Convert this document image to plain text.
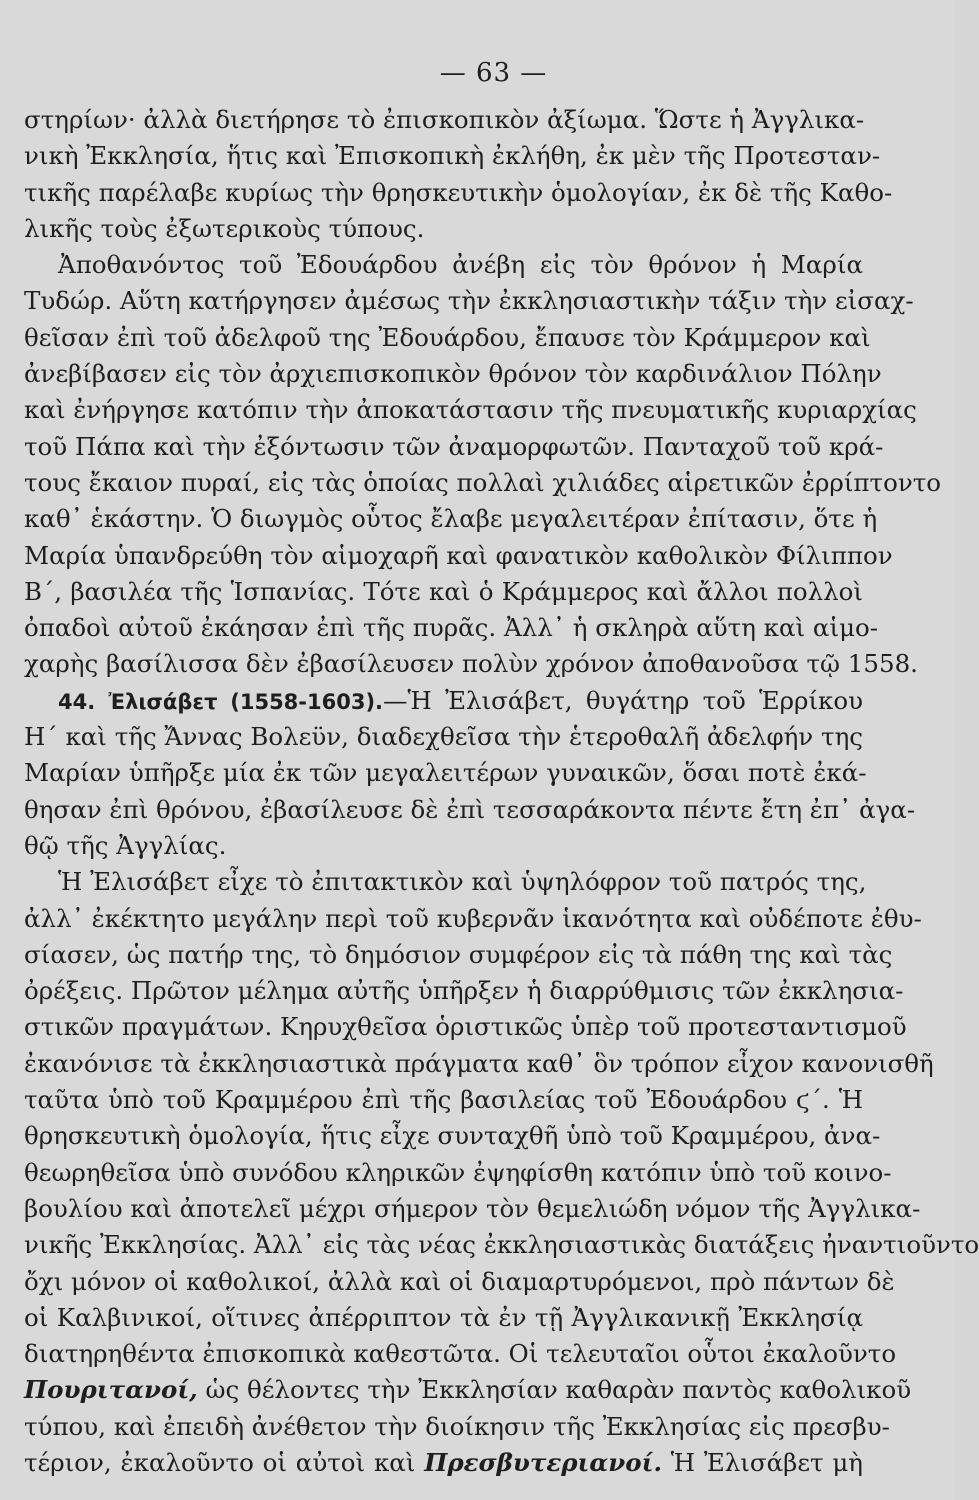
— 63 —
στηρίων· ἀλλὰ διετήρησε τὸ ἐπισκοπικὸν ἀξίωμα. Ὥστε ἡ Ἀγγλικα-
νικὴ Ἐκκλησία, ἥτις καὶ Ἐπισκοπικὴ ἐκλήθη, ἐκ μὲν τῆς Προτεσταν-
τικῆς παρέλαβε κυρίως τὴν θρησκευτικὴν ὁμολογίαν, ἐκ δὲ τῆς Καθο-
λικῆς τοὺς ἐξωτερικοὺς τύπους.
Ἀποθανόντος τοῦ Ἐδουάρδου ἀνέβη εἰς τὸν θρόνον ἡ Μαρία
Τυδώρ. Αὕτη κατήργησεν ἀμέσως τὴν ἐκκλησιαστικὴν τάξιν τὴν εἰσαχ-
θεῖσαν ἐπὶ τοῦ ἀδελφοῦ της Ἐδουάρδου, ἔπαυσε τὸν Κράμμερον καὶ
ἀνεβίβασεν εἰς τὸν ἀρχιεπισκοπικὸν θρόνον τὸν καρδινάλιον Πόλην
καὶ ἐνήργησε κατόπιν τὴν ἀποκατάστασιν τῆς πνευματικῆς κυριαρχίας
τοῦ Πάπα καὶ τὴν ἐξόντωσιν τῶν ἀναμορφωτῶν. Πανταχοῦ τοῦ κρά-
τους ἔκαιον πυραί, εἰς τὰς ὁποίας πολλαὶ χιλιάδες αἱρετικῶν ἐρρίπτοντο
καθ᾽ ἑκάστην. Ὁ διωγμὸς οὗτος ἔλαβε μεγαλειτέραν ἐπίτασιν, ὅτε ἡ
Μαρία ὑπανδρεύθη τὸν αἱμοχαρῆ καὶ φανατικὸν καθολικὸν Φίλιππον
Β΄, βασιλέα τῆς Ἱσπανίας. Τότε καὶ ὁ Κράμμερος καὶ ἄλλοι πολλοὶ
ὀπαδοὶ αὐτοῦ ἐκάησαν ἐπὶ τῆς πυρᾶς. Ἀλλ᾽ ἡ σκληρὰ αὕτη καὶ αἱμο-
χαρὴς βασίλισσα δὲν ἐβασίλευσεν πολὺν χρόνον ἀποθανοῦσα τῷ 1558.
44. Ἐλισάβετ (1558-1603).—Ἡ Ἐλισάβετ, θυγάτηρ τοῦ Ἑρρίκου
Η΄ καὶ τῆς Ἄννας Βολεϋν, διαδεχθεῖσα τὴν ἑτεροθαλῆ ἀδελφήν της
Μαρίαν ὑπῆρξε μία ἐκ τῶν μεγαλειτέρων γυναικῶν, ὅσαι ποτὲ ἐκά-
θησαν ἐπὶ θρόνου, ἐβασίλευσε δὲ ἐπὶ τεσσαράκοντα πέντε ἔτη ἐπ᾽ ἀγα-
θῷ τῆς Ἀγγλίας.
Ἡ Ἐλισάβετ εἶχε τὸ ἐπιτακτικὸν καὶ ὑψηλόφρον τοῦ πατρός της,
ἀλλ᾽ ἐκέκτητο μεγάλην περὶ τοῦ κυβερνᾶν ἱκανότητα καὶ οὐδέποτε ἐθυ-
σίασεν, ὡς πατήρ της, τὸ δημόσιον συμφέρον εἰς τὰ πάθη της καὶ τὰς
ὀρέξεις. Πρῶτον μέλημα αὐτῆς ὑπῆρξεν ἡ διαρρύθμισις τῶν ἐκκλησια-
στικῶν πραγμάτων. Κηρυχθεῖσα ὁριστικῶς ὑπὲρ τοῦ προτεσταντισμοῦ
ἐκανόνισε τὰ ἐκκλησιαστικὰ πράγματα καθ᾽ ὃν τρόπον εἶχον κανονισθῆ
ταῦτα ὑπὸ τοῦ Κραμμέρου ἐπὶ τῆς βασιλείας τοῦ Ἐδουάρδου ϛ΄. Ἡ
θρησκευτικὴ ὁμολογία, ἥτις εἶχε συνταχθῆ ὑπὸ τοῦ Κραμμέρου, ἀνα-
θεωρηθεῖσα ὑπὸ συνόδου κληρικῶν ἐψηφίσθη κατόπιν ὑπὸ τοῦ κοινο-
βουλίου καὶ ἀποτελεῖ μέχρι σήμερον τὸν θεμελιώδη νόμον τῆς Ἀγγλικα-
νικῆς Ἐκκλησίας. Ἀλλ᾽ εἰς τὰς νέας ἐκκλησιαστικὰς διατάξεις ἠναντιοῦντο
ὄχι μόνον οἱ καθολικοί, ἀλλὰ καὶ οἱ διαμαρτυρόμενοι, πρὸ πάντων δὲ
οἱ Καλβινικοί, οἵτινες ἀπέρριπτον τὰ ἐν τῇ Ἀγγλικανικῇ Ἐκκλησίᾳ
διατηρηθέντα ἐπισκοπικὰ καθεστῶτα. Οἱ τελευταῖοι οὗτοι ἐκαλοῦντο
Πουριτανοί, ὡς θέλοντες τὴν Ἐκκλησίαν καθαρὰν παντὸς καθολικοῦ
τύπου, καὶ ἐπειδὴ ἀνέθετον τὴν διοίκησιν τῆς Ἐκκλησίας εἰς πρεσβυ-
τέριον, ἐκαλοῦντο οἱ αὐτοὶ καὶ Πρεσβυτεριανοί. Ἡ Ἐλισάβετ μὴ
